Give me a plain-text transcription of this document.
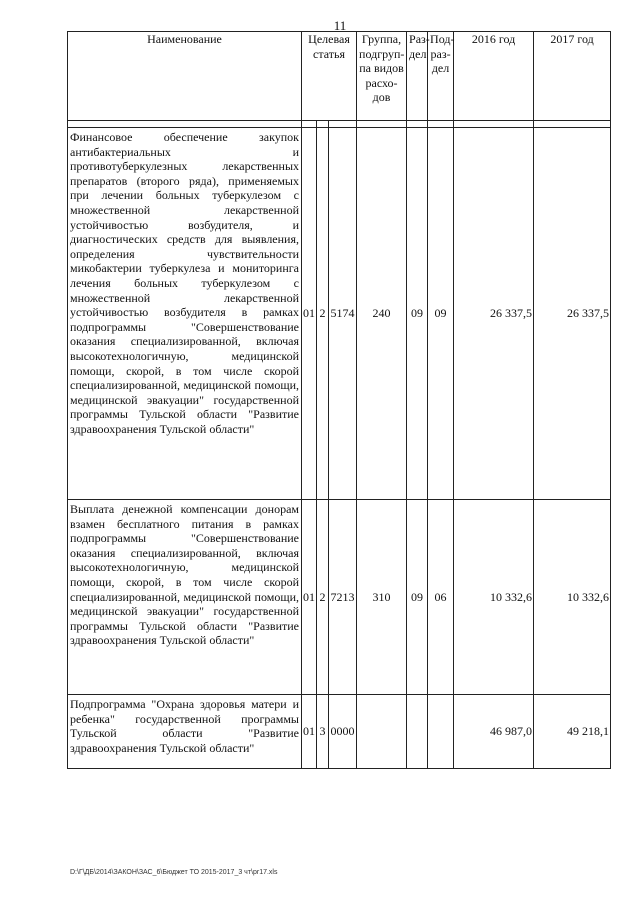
11
Наименование	Целевая статья			Группа, подгруп-па видов расхо-дов	Раз-дел	Под-раз-дел	2016 год	2017 год

Финансовое обеспечение закупок антибактериальных и противотуберкулезных лекарственных препаратов (второго ряда), применяемых при лечении больных туберкулезом с множественной лекарственной устойчивостью возбудителя, и диагностических средств для выявления, определения чувствительности микобактерии туберкулеза и мониторинга лечения больных туберкулезом с множественной лекарственной устойчивостью возбудителя в рамках подпрограммы "Совершенствование оказания специализированной, включая высокотехнологичную, медицинской помощи, скорой, в том числе скорой специализированной, медицинской помощи, медицинской эвакуации" государственной программы Тульской области "Развитие здравоохранения Тульской области"	01	2	5174	240	09	09	26 337,5	26 337,5
Выплата денежной компенсации донорам взамен бесплатного питания в рамках подпрограммы "Совершенствование оказания специализированной, включая высокотехнологичную, медицинской помощи, скорой, в том числе скорой специализированной, медицинской помощи, медицинской эвакуации" государственной программы Тульской области "Развитие здравоохранения Тульской области"	01	2	7213	310	09	06	10 332,6	10 332,6
Подпрограмма "Охрана здоровья матери и ребенка" государственной программы Тульской области "Развитие здравоохранения Тульской области"	01	3	0000				46 987,0	49 218,1
D:\Г\ДБ\2014\ЗАКОН\ЗАС_6\Бюджет ТО 2015-2017_3 чт\pr17.xls
